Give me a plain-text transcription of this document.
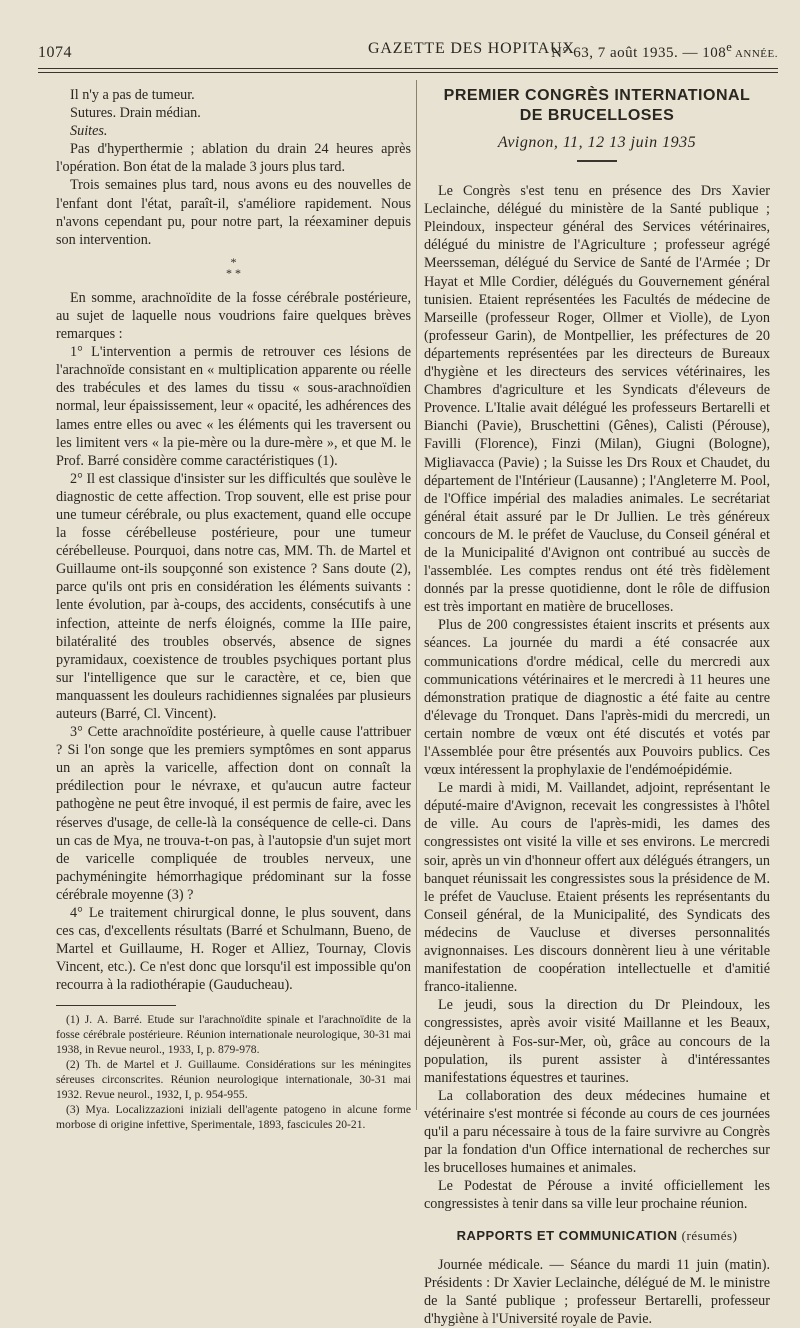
1074	GAZETTE DES HOPITAUX
N° 63, 7 août 1935. — 108e ANNÉE.

Il n'y a pas de tumeur.

Sutures. Drain médian.

Suites.

Pas d'hyperthermie ; ablation du drain 24 heures après l'opération. Bon état de la malade 3 jours plus tard.

Trois semaines plus tard, nous avons eu des nouvelles de l'enfant dont l'état, paraît-il, s'améliore rapidement. Nous n'avons cependant pu, pour notre part, la réexaminer depuis son intervention.

*
* *

En somme, arachnoïdite de la fosse cérébrale postérieure, au sujet de laquelle nous voudrions faire quelques brèves remarques :

1° L'intervention a permis de retrouver ces lésions de l'arachnoïde consistant en « multiplication apparente ou réelle des trabécules et des lames du tissu « sous-arachnoïdien normal, leur épaississement, leur « opacité, les adhérences des lames entre elles ou avec « les éléments qui les traversent ou les limitent vers « la pie-mère ou la dure-mère », et que M. le Prof. Barré considère comme caractéristiques (1).

2° Il est classique d'insister sur les difficultés que soulève le diagnostic de cette affection. Trop souvent, elle est prise pour une tumeur cérébrale, ou plus exactement, quand elle occupe la fosse cérébelleuse postérieure, pour une tumeur cérébelleuse. Pourquoi, dans notre cas, MM. Th. de Martel et Guillaume ont-ils soupçonné son existence ? Sans doute (2), parce qu'ils ont pris en considération les éléments suivants : lente évolution, par à-coups, des accidents, consécutifs à une infection, atteinte de nerfs éloignés, comme la IIIe paire, bilatéralité des troubles observés, absence de signes pyramidaux, coexistence de troubles psychiques portant plus sur l'intelligence que sur le caractère, et ce, bien que manquassent les douleurs rachidiennes signalées par plusieurs auteurs (Barré, Cl. Vincent).

3° Cette arachnoïdite postérieure, à quelle cause l'attribuer ? Si l'on songe que les premiers symptômes en sont apparus un an après la varicelle, affection dont on connaît la prédilection pour le névraxe, et qu'aucun autre facteur pathogène ne peut être invoqué, il est permis de faire, avec les réserves d'usage, de celle-là la conséquence de celle-ci. Dans un cas de Mya, ne trouva-t-on pas, à l'autopsie d'un sujet mort de varicelle compliquée de troubles nerveux, une pachyméningite hémorrhagique prédominant sur la fosse cérébrale moyenne (3) ?

4° Le traitement chirurgical donne, le plus souvent, dans ces cas, d'excellents résultats (Barré et Schulmann, Bueno, de Martel et Guillaume, H. Roger et Alliez, Tournay, Clovis Vincent, etc.). Ce n'est donc que lorsqu'il est impossible qu'on recourra à la radiothérapie (Gauducheau).

(1) J. A. Barré. Etude sur l'arachnoïdite spinale et l'arachnoïdite de la fosse cérébrale postérieure. Réunion internationale neurologique, 30-31 mai 1938, in Revue neurol., 1933, I, p. 879-978.

(2) Th. de Martel et J. Guillaume. Considérations sur les méningites séreuses circonscrites. Réunion neurologique internationale, 30-31 mai 1932. Revue neurol., 1932, I, p. 954-955.

(3) Mya. Localizzazioni iniziali dell'agente patogeno in alcune forme morbose di origine infettive, Sperimentale, 1893, fascicules 20-21.

PREMIER CONGRÈS INTERNATIONAL
DE BRUCELLOSES
Avignon, 11, 12 13 juin 1935

Le Congrès s'est tenu en présence des Drs Xavier Leclainche, délégué du ministère de la Santé publique ; Pleindoux, inspecteur général des Services vétérinaires, délégué du ministre de l'Agriculture ; professeur agrégé Meersseman, délégué du Service de Santé de l'Armée ; Dr Hayat et Mlle Cordier, délégués du Gouvernement général tunisien. Etaient représentées les Facultés de médecine de Marseille (professeur Roger, Ollmer et Violle), de Lyon (professeur Garin), de Montpellier, les préfectures de 20 départements représentées par les directeurs de Bureaux d'hygiène et les directeurs des services vétérinaires, les Chambres d'agriculture et les Syndicats d'éleveurs de Provence. L'Italie avait délégué les professeurs Bertarelli et Bianchi (Pavie), Bruschettini (Gênes), Calisti (Pérouse), Favilli (Florence), Finzi (Milan), Giugni (Bologne), Migliavacca (Pavie) ; la Suisse les Drs Roux et Chaudet, du département de l'Intérieur (Lausanne) ; l'Angleterre M. Pool, de l'Office impérial des maladies animales. Le secrétariat général était assuré par le Dr Jullien. Le très généreux concours de M. le préfet de Vaucluse, du Conseil général et de la Municipalité d'Avignon ont contribué au succès de l'assemblée. Les comptes rendus ont été très fidèlement donnés par la presse quotidienne, dont le rôle de diffusion est très important en matière de brucelloses.

Plus de 200 congressistes étaient inscrits et présents aux séances. La journée du mardi a été consacrée aux communications d'ordre médical, celle du mercredi aux communications vétérinaires et le mercredi à 11 heures une démonstration pratique de diagnostic a été faite au centre d'élevage du Tronquet. Dans l'après-midi du mercredi, un certain nombre de vœux ont été discutés et votés par l'Assemblée pour être présentés aux Pouvoirs publics. Ces vœux intéressent la prophylaxie de l'endémoépidémie.

Le mardi à midi, M. Vaillandet, adjoint, représentant le député-maire d'Avignon, recevait les congressistes à l'hôtel de ville. Au cours de l'après-midi, les dames des congressistes ont visité la ville et ses environs. Le mercredi soir, après un vin d'honneur offert aux délégués étrangers, un banquet réunissait les congressistes sous la présidence de M. le préfet de Vaucluse. Etaient présents les représentants du Conseil général, de la Municipalité, des Syndicats des médecins de Vaucluse et diverses personnalités avignonnaises. Les discours donnèrent lieu à une véritable manifestation de coopération intellectuelle et d'amitié franco-italienne.

Le jeudi, sous la direction du Dr Pleindoux, les congressistes, après avoir visité Maillanne et les Beaux, déjeunèrent à Fos-sur-Mer, où, grâce au concours de la population, ils purent assister à d'intéressantes manifestations équestres et taurines.

La collaboration des deux médecines humaine et vétérinaire s'est montrée si féconde au cours de ces journées qu'il a paru nécessaire à tous de la faire survivre au Congrès par la fondation d'un Office international de recherches sur les brucelloses humaines et animales.

Le Podestat de Pérouse a invité officiellement les congressistes à tenir dans sa ville leur prochaine réunion.

RAPPORTS ET COMMUNICATION (résumés)

Journée médicale. — Séance du mardi 11 juin (matin). Présidents : Dr Xavier Leclainche, délégué de M. le ministre de la Santé publique ; professeur Bertarelli, professeur d'hygiène à l'Université royale de Pavie.
